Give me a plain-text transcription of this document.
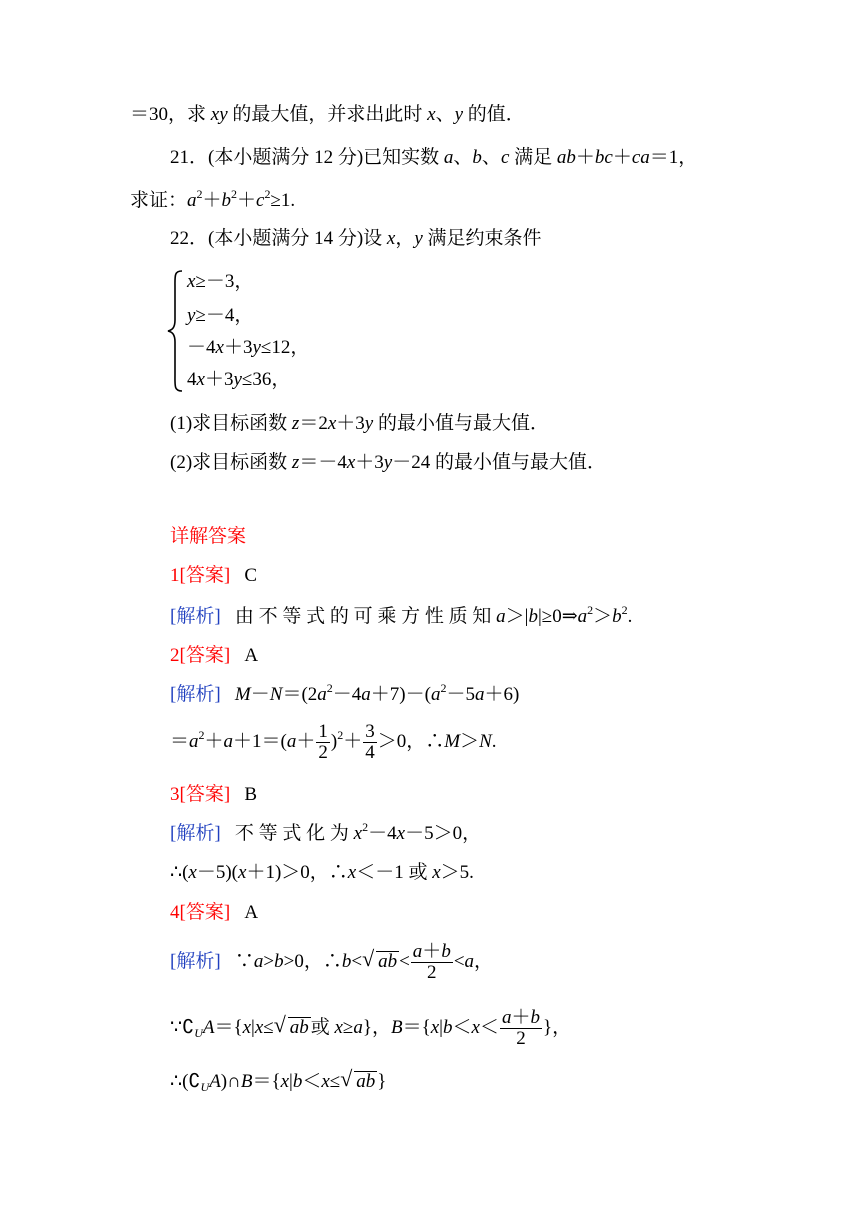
＝30，求 xy 的最大值，并求出此时 x、y 的值．
21．(本小题满分 12 分)已知实数 a、b、c 满足 ab＋bc＋ca＝1，
求证：$a^2+b^2+c^2\ge 1$.
22．(本小题满分 14 分)设 x，y 满足约束条件
x≥－3，
y≥－4，
－4x＋3y≤12，
4x＋3y≤36，
(1)求目标函数 z＝2x＋3y 的最小值与最大值．
(2)求目标函数 z＝－4x＋3y－24 的最小值与最大值．
详解答案
1[答案] C
[解析]   由 不 等 式 的 可 乘 方 性 质 知 $a>|b|\ge 0\Rightarrow a^2>b^2$.
2[答案] A
[解析] $M-N=(2a^2-4a+7)-(a^2-5a+6)$
$=a^2+a+1=(a+ \frac{1}{2} )^2+ \frac{3}{4} >0$，∴M＞N.
3[答案] B
[解析]   不 等 式 化 为 $x^2-4x-5>0$，
∴(x－5)(x＋1)＞0，∴x＜－1 或 x＞5.
4[答案] A
[解析]   ∵a>b>0，∴b< √ ab < $\frac{a+b}{2} <a$，
$\because∁_UA=\{x|x\le$ √ ab 或 x≥a}，$B=\{x|b<x< \frac{a+b}{2}$ }，
$\therefore(∁_UA)\cap B=\{x|b<x\le$ √ ab }
